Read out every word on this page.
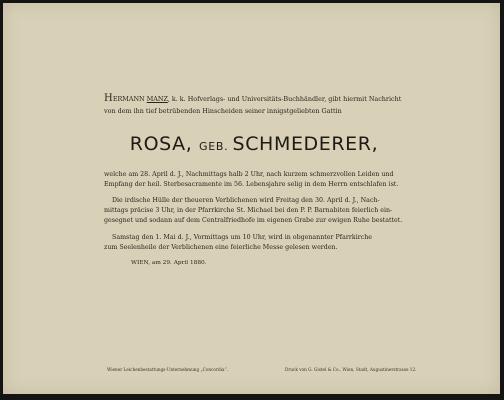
HERMANN MANZ, k. k. Hofverlags- und Universitäts-Buchhändler, gibt hiermit Nachricht
von dem ihn tief betrübenden Hinscheiden seiner innigstgeliebten Gattin
ROSA, GEB. SCHMEDERER,
welche am 28. April d. J., Nachmittags halb 2 Uhr, nach kurzem schmerzvollen Leiden und
Empfang der heil. Sterbesacramente im 56. Lebensjahre selig in dem Herrn entschlafen ist.
Die irdische Hülle der theueren Verblichenen wird Freitag den 30. April d. J., Nach-
mittags präcise 3 Uhr, in der Pfarrkirche St. Michael bei den P. P. Barnabiten feierlich ein-
gesegnet und sodann auf dem Centralfriedhofe im eigenen Grabe zur ewigen Ruhe bestattet.
Samstag den 1. Mai d. J., Vormittags um 10 Uhr, wird in obgenannter Pfarrkirche
zum Seelenheile der Verblichenen eine feierliche Messe gelesen werden.
WIEN, am 29. April 1880.
Wiener Leichenbestattungs-Unternehmung „Concordia“.	Druck von G. Gistel & Co., Wien, Stadt, Augustinerstrasse 12.
